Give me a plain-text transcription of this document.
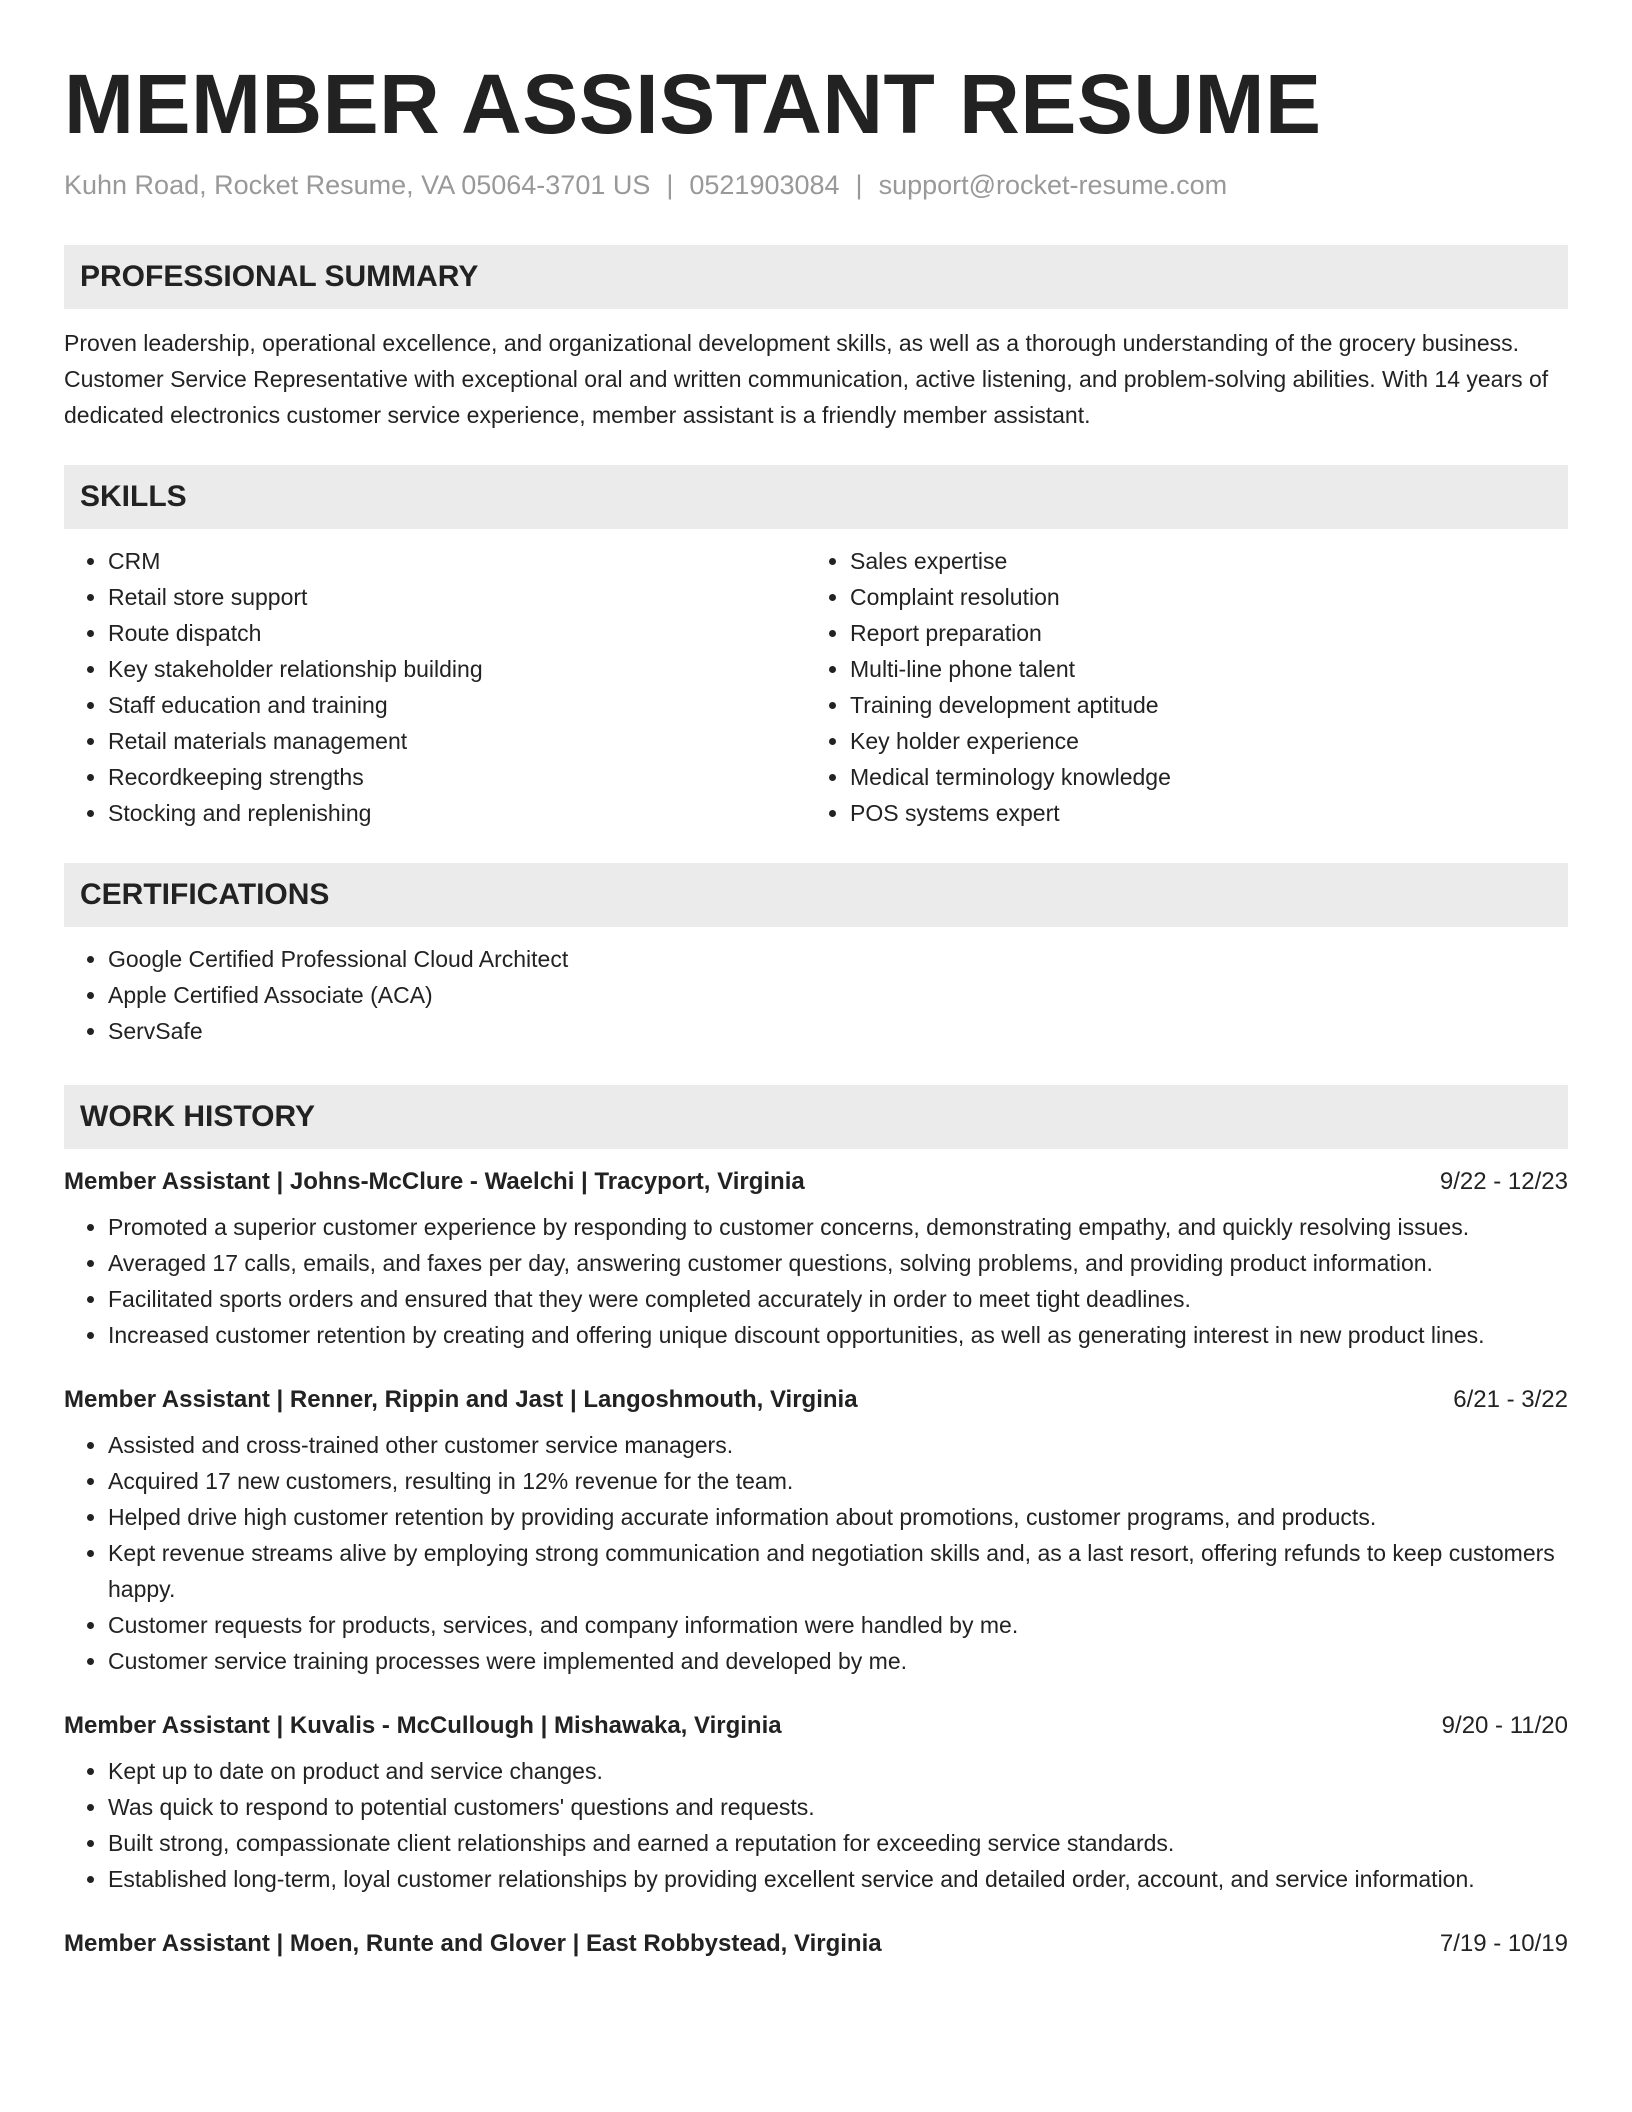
MEMBER ASSISTANT RESUME
Kuhn Road, Rocket Resume, VA 05064-3701 US | 0521903084 | support@rocket-resume.com
PROFESSIONAL SUMMARY

Proven leadership, operational excellence, and organizational development skills, as well as a thorough understanding of the grocery business. Customer Service Representative with exceptional oral and written communication, active listening, and problem-solving abilities. With 14 years of dedicated electronics customer service experience, member assistant is a friendly member assistant.

SKILLS
• CRM
• Retail store support
• Route dispatch
• Key stakeholder relationship building
• Staff education and training
• Retail materials management
• Recordkeeping strengths
• Stocking and replenishing
• Sales expertise
• Complaint resolution
• Report preparation
• Multi-line phone talent
• Training development aptitude
• Key holder experience
• Medical terminology knowledge
• POS systems expert
CERTIFICATIONS
• Google Certified Professional Cloud Architect
• Apple Certified Associate (ACA)
• ServSafe
WORK HISTORY
Member Assistant | Johns-McClure - Waelchi | Tracyport, Virginia	9/22 - 12/23
• Promoted a superior customer experience by responding to customer concerns, demonstrating empathy, and quickly resolving issues.
• Averaged 17 calls, emails, and faxes per day, answering customer questions, solving problems, and providing product information.
• Facilitated sports orders and ensured that they were completed accurately in order to meet tight deadlines.
• Increased customer retention by creating and offering unique discount opportunities, as well as generating interest in new product lines.
Member Assistant | Renner, Rippin and Jast | Langoshmouth, Virginia	6/21 - 3/22
• Assisted and cross-trained other customer service managers.
• Acquired 17 new customers, resulting in 12% revenue for the team.
• Helped drive high customer retention by providing accurate information about promotions, customer programs, and products.
• Kept revenue streams alive by employing strong communication and negotiation skills and, as a last resort, offering refunds to keep customers happy.
• Customer requests for products, services, and company information were handled by me.
• Customer service training processes were implemented and developed by me.
Member Assistant | Kuvalis - McCullough | Mishawaka, Virginia	9/20 - 11/20
• Kept up to date on product and service changes.
• Was quick to respond to potential customers' questions and requests.
• Built strong, compassionate client relationships and earned a reputation for exceeding service standards.
• Established long-term, loyal customer relationships by providing excellent service and detailed order, account, and service information.
Member Assistant | Moen, Runte and Glover | East Robbystead, Virginia	7/19 - 10/19
